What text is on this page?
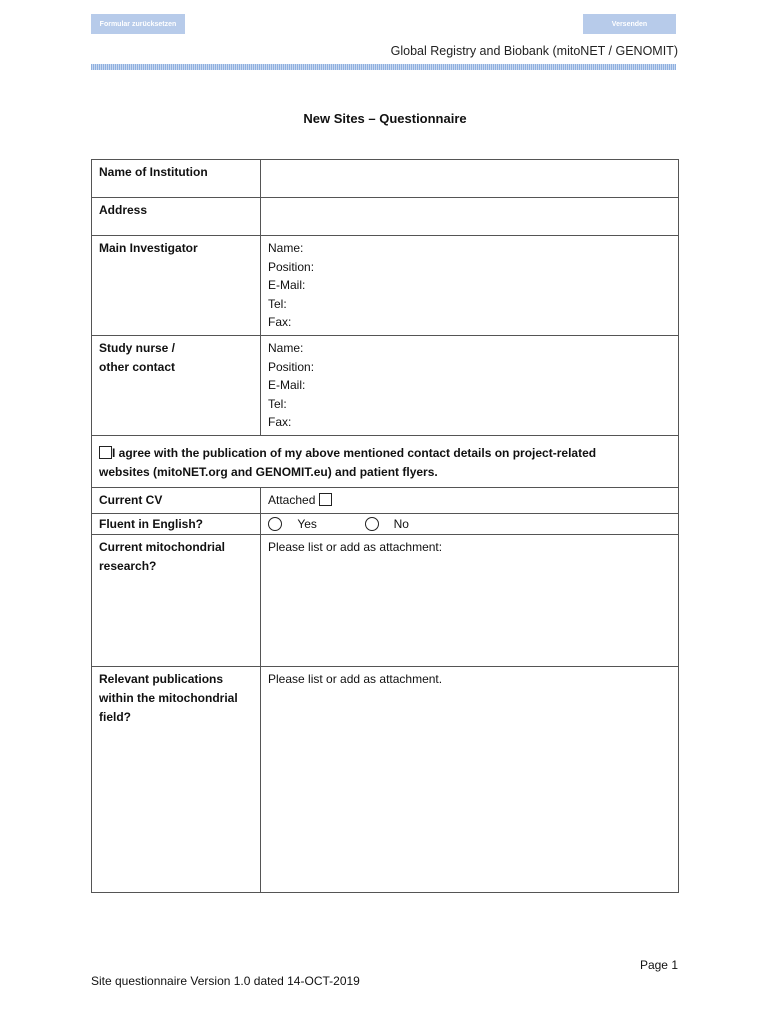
Formular zurücksetzen	Versenden
Global Registry and Biobank (mitoNET / GENOMIT)
New Sites – Questionnaire
Name of Institution	
Address	
Main Investigator	Name:
Position:
E-Mail:
Tel:
Fax:

Study nurse /
other contact	Name:
Position:
E-Mail:
Tel:
Fax:

I agree with the publication of my above mentioned contact details on project-related
websites (mitoNET.org and GENOMIT.eu) and patient flyers.	

Current CV	Attached
Fluent in English?	Yes No

Current mitochondrial
research?	Please list or add as attachment:

Relevant publications
within the mitochondrial
field?	Please list or add as attachment.
Page 1
Site questionnaire Version 1.0 dated 14-OCT-2019
